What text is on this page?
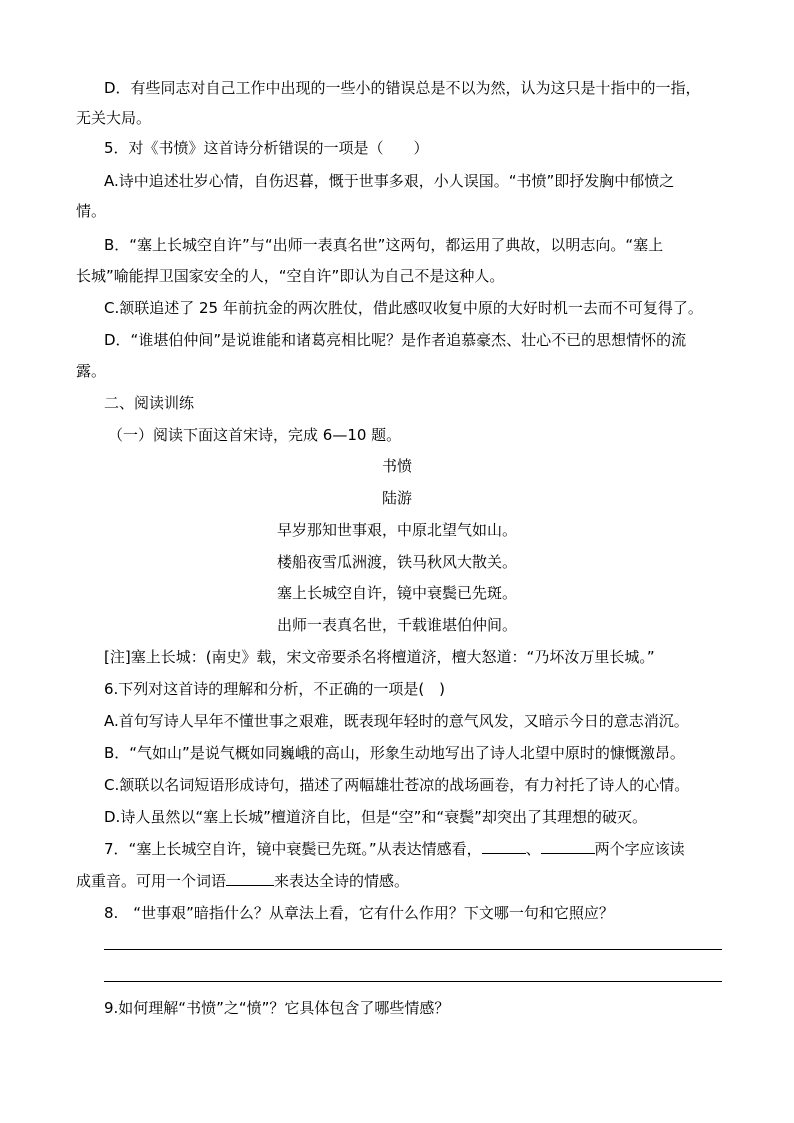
D．有些同志对自己工作中出现的一些小的错误总是不以为然，认为这只是十指中的一指，
无关大局。
5．对《书愤》这首诗分析错误的一项是（　　）
A.诗中追述壮岁心情，自伤迟暮，慨于世事多艰，小人误国。“书愤”即抒发胸中郁愤之
情。
B．“塞上长城空自许”与“出师一表真名世”这两句，都运用了典故，以明志向。“塞上
长城”喻能捍卫国家安全的人，“空自许”即认为自己不是这种人。
C.颔联追述了 25 年前抗金的两次胜仗，借此感叹收复中原的大好时机一去而不可复得了。
D．“谁堪伯仲间”是说谁能和诸葛亮相比呢？是作者追慕豪杰、壮心不已的思想情怀的流
露。
二、阅读训练
（一）阅读下面这首宋诗，完成 6—10 题。
书愤
陆游
早岁那知世事艰，中原北望气如山。
楼船夜雪瓜洲渡，铁马秋风大散关。
塞上长城空自许，镜中衰鬓已先斑。
出师一表真名世，千载谁堪伯仲间。
[注]塞上长城：(南史》载，宋文帝要杀名将檀道济，檀大怒道：“乃坏汝万里长城。”
6.下列对这首诗的理解和分析，不正确的一项是(　)
A.首句写诗人早年不懂世事之艰难，既表现年轻时的意气风发，又暗示今日的意志消沉。
B．“气如山”是说气概如同巍峨的高山，形象生动地写出了诗人北望中原时的慷慨激昂。
C.颔联以名词短语形成诗句，描述了两幅雄壮苍凉的战场画卷，有力衬托了诗人的心情。
D.诗人虽然以“塞上长城”檀道济自比，但是“空”和“衰鬓”却突出了其理想的破灭。
7．“塞上长城空自许，镜中衰鬓已先斑。”从表达情感看，	、	两个字应该读
成重音。可用一个词语	来表达全诗的情感。
8.　“世事艰”暗指什么？从章法上看，它有什么作用？下文哪一句和它照应？
9.如何理解“书愤”之“愤”？它具体包含了哪些情感？
